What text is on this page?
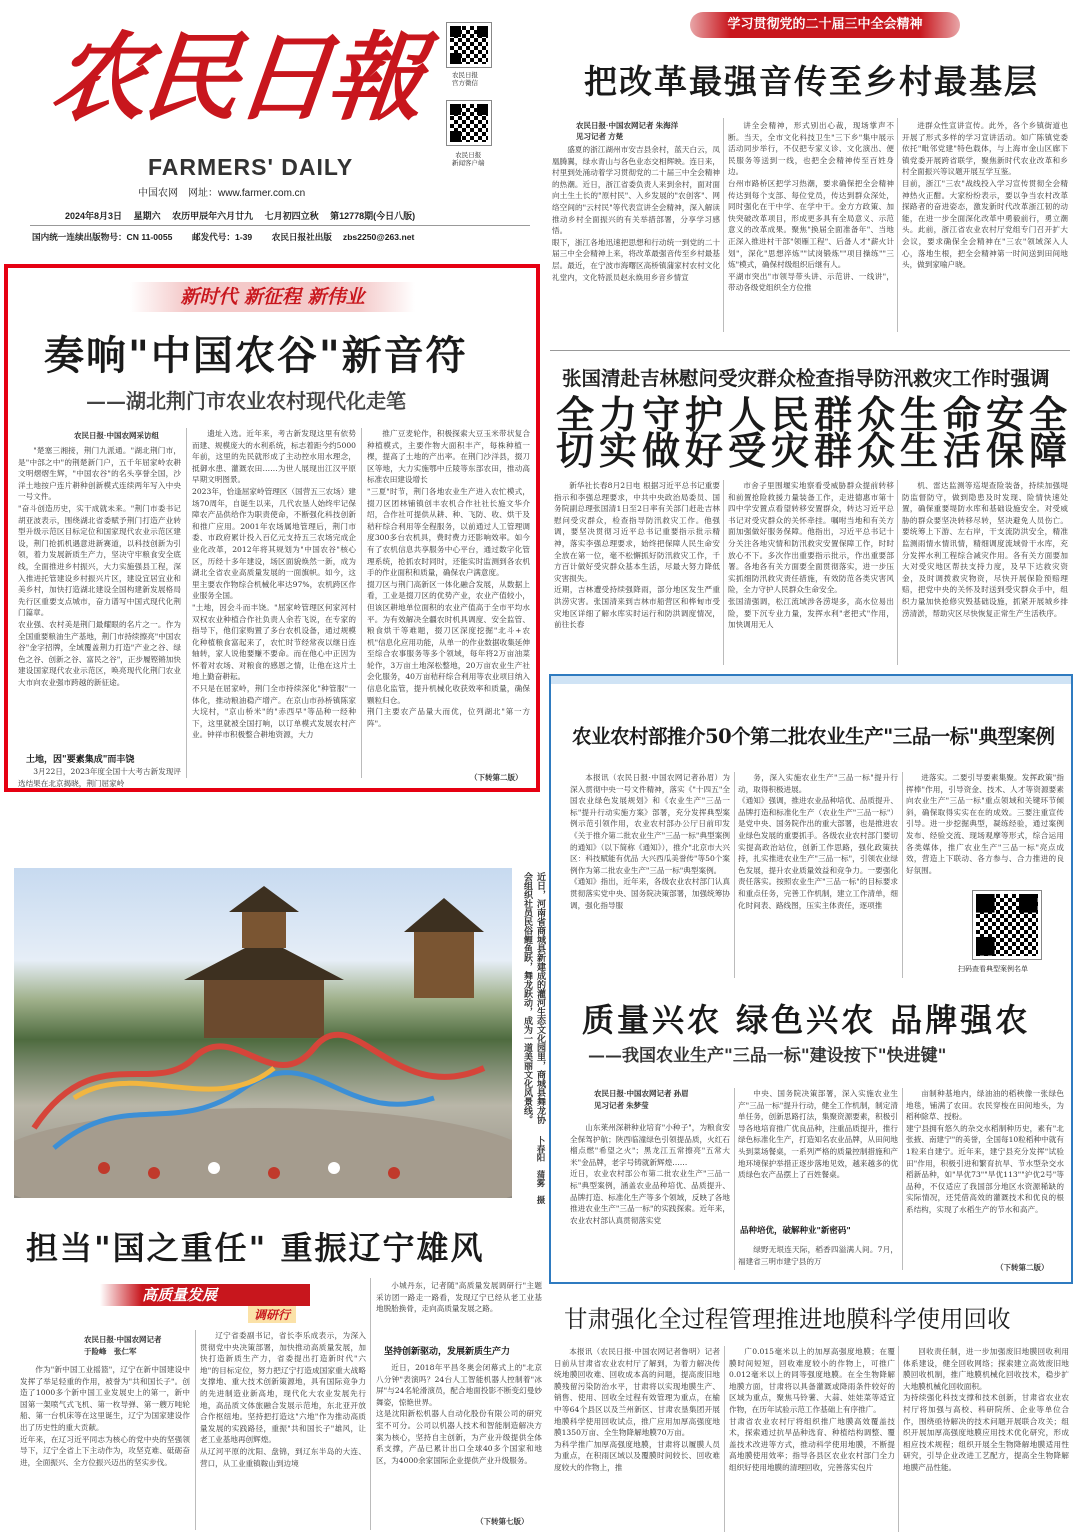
农民日報
FARMERS' DAILY
中国农网　网址：www.farmer.com.cn
2024年8月3日　 星期六　 农历甲辰年六月廿九　 七月初四立秋　 第12778期(今日八版)
国内统一连续出版物号：CN 11-0055　　 邮发代号：1-39　　 农民日报社出版　 zbs2250@263.net
农民日报
官方微信
农民日报
新闻客户端
学习贯彻党的二十届三中全会精神
把改革最强音传至乡村最基层
农民日报·中国农网记者 朱海洋
见习记者 方楚
盛夏的浙江湖州市安吉县余村，蓝天白云，凤凰腾翼，绿水青山与各色业态交相辉映。连日来，村里到处涌动着学习贯彻党的二十届三中全会精神的热潮。近日，浙江省委负责人来到余村，面对面向土生土长的"原村民"、入乡发展的"农创客"、网络空间的"云村民"等代表宣讲全会精神，深入解读推动乡村全面振兴的有关举措部署，分享学习感悟。
眼下，浙江各地迅速把思想和行动统一到党的二十届三中全会精神上来，将改革最强音传至乡村最基层。最近，在宁波市海曙区高桥镇蒲家村农村文化礼堂内，文化特派员赵永焕用乡音乡情宣
讲全会精神，形式别出心裁，现场掌声不断。当天，全市文化科技卫生"三下乡"集中展示活动同步举行，不仅把专家义诊、文化演出、便民服务等送到一线，也把全会精神传至百姓身边。
台州市路桥区把学习热潮，要求确保把全会精神传达到每个支部、每位党员，传达到群众深处，同时强化在干中学、在学中干。金方方政策、加快突破改革项目，形成更多具有全局意义、示范意义的改革成果。聚焦"换届全面准备年"、当地正深入推进村干部"领雁工程"、后备人才"薪火计划"，深化"思想淬炼""试岗锻炼""项目操练""三炼"模式，确保村级组织后继有人。
平湖市突出"市领导带头讲、示范讲、一线讲"，带动各级党组织全方位推
进群众性宣讲宣传。此外，各个乡镇街道也开展了形式多样的学习宣讲活动。如广陈镇党委依托"毗邻党建"特色载体，与上海市金山区廊下镇党委开展跨省联学，聚焦新时代农业改革和乡村全面振兴等议题开展互学互鉴。
目前，浙江"三农"战线投入学习宣传贯彻全会精神热火正酣。大家纷纷表示，要以争当农村改革探路者的奋进姿态，激发新时代改革浙江韧的动能，在进一步全面深化改革中勇毅前行，勇立潮头。此前，浙江省农业农村厅党组专门召开扩大会议，要求确保全会精神在"三农"领域深入人心，落地生根，把全会精神第一时间送到田间地头，做到家喻户晓。
新时代 新征程 新伟业
奏响"中国农谷"新音符
——湖北荆门市农业农村现代化走笔
农民日报·中国农网采访组
"楚塞三湘接，荆门九派通。"湖北荆门市，是"中部之中"的荆楚新门户，五千年屈家岭农耕文明熠熠生辉，"中国农谷"的名头享誉全国，沙洋土地按户连片耕种创新模式连续两年写入中央一号文件。
"奋斗创造历史，实干成就未来。"荆门市委书记胡亚波表示，围绕湖北省委赋予荆门打造产业转型升级示范区目标定位和国家现代农业示范区建设，荆门抢抓机遇意进新赛道，以科技创新为引领，着力发展新质生产力，坚决守牢粮食安全底线，全面推进乡村振兴，大力实施强县工程，深入推进托管建设乡村振兴片区，建设宜居宜业和美乡村，加快打造湖北建设全国构建新发展格局先行区重要支点城市，奋力谱写中国式现代化荆门篇章。
农业强、农村美是荆门最耀眼的名片之一。作为全国重要粮油生产基地，荆门市持续擦亮"中国农谷"金字招牌，全域覆盖荆力打造"产业之谷、绿色之谷、创新之谷、富民之谷"，正步履铿锵加快建设国家现代农业示范区，唤亮现代化荆门农业大市向农业强市跨越的新征途。
土地，因"要素集成"而丰饶
3月22日，2023年度全国十大考古新发现评选结果在北京揭晓，荆门屈家岭
遗址入选。近年来，考古新发现这里有依势而建、规模庞大的水利系统，标志着距今约5000年前，这里的先民就形成了主动控水用水理念，抵御水患、灌溉农田……为世人展现出江汉平原早期文明图景。
2023年，恰逢屈家岭管理区（国营五三农场）建场70周年，自诞生以来，几代农垦人始终牢记保障农产品供给作为职责使命，不断强化科技创新和推广应用。2001年农场属地管理后，荆门市委、市政府累计投入百亿元支持五三农场完成企业化改革，2012年将其规划为"中国农谷"核心区，历经十多年建设，场区面貌焕然一新，成为湖北全省农业高质量发展的一面旗帜。如今，这里主要农作物综合机械化率达97%，农机跨区作业服务全国。
"土地，因会斗而丰饶。"屈家岭管理区何家河村双权农业种植合作社负责人余若飞说，在专家的指导下，他们家购置了多台农机设备，通过规模化种植粮食富起来了，农忙时节经常夜以继日连轴转，家人说他要赚不要命。而在他心中正因为怀着对农场、对粮食的感恩之情，让他在这片土地上勤奋耕耘。
不只是在屈家岭，荆门全市持续深化"种管服"一体化，推动粮油稳产增产。在京山市孙桥镇陈家大垸村，"京山桥米"的"赤西早"等品种一经种下，这里就被全国打响，以订单模式发展农村产业。钟祥市积极整合耕地资源，大力
推广豆麦轮作，积极探索大豆玉米带状复合种植模式，主要作物大面积丰产，每株种植一棵，提高了土地的产出率。在荆门沙洋县，掇刀区等地，大力实施鄂中丘陵等东部农田，推动高标准农田建设增长
"三夏"时节，荆门各地农业生产进入农忙模式，掇刀区团林铺镇创丰农机合作社社长施文华介绍，合作社可提供从耕、种、飞防、收、烘干及秸秆综合利用等全程服务，以前通过人工管理调度300多台农机具，费时费力还影响效率。如今有了农机信息共享服务中心平台，通过数字化管理系统，抢抓农时同时，还能实时监测到各农机手的作业面积和质量，确保农户满意度。
掇刀区与荆门高新区一体化融合发展，从数据上看，工业是掇刀区的优势产业，农业产值较小，但该区耕地单位面积的农业产值高于全市平均水平。为有效解决全疆农时机具调度、安全监管、粮食烘干等难题，掇刀区深度挖掘"北斗+农机"信息化应用功能，从单一的作业数据收集延伸至综合农事服务等多个领域，每年将2万亩油菜轮作，3万亩土地深松整地，20万亩农业生产社会化服务，40万亩秸秆综合利用等农业项目纳入信息化监管，提升机械化收获效率和质量，确保颗粒归仓。
荆门主要农产品量大而优，位列湖北"第一方阵"。
（下转第二版）
张国清赴吉林慰问受灾群众检查指导防汛救灾工作时强调
全力守护人民群众生命安全
切实做好受灾群众生活保障
新华社长春8月2日电 根据习近平总书记重要指示和李强总理要求，中共中央政治局委员、国务院副总理张国清1日至2日率有关部门赶赴吉林慰问受灾群众，检查指导防汛救灾工作。他强调，要坚决贯彻习近平总书记重要指示批示精神，落实李强总理要求，始终把保障人民生命安全放在第一位，毫不松懈抓好防汛救灾工作，千方百计做好受灾群众基本生活，尽最大努力降低灾害损失。
近期，吉林遭受持续强降雨，部分地区发生严重洪涝灾害。张国清来到吉林市船营区和桦甸市受灾地区详细了解水库实时运行和防洪调度情况，前往长春
市舍子里围堰实地察看受威胁群众提前转移和前置抢险救援力量装备工作，走进德惠市第十四中学安置点看望转移安置群众，转达习近平总书记对受灾群众的关怀牵挂。嘱咐当地和有关方面加强做好服务保障。他指出，习近平总书记十分关注各地灾情和防汛救灾安置保障工作，时时放心不下。多次作出重要指示批示，作出重要部署。各地各有关方面要全面贯彻落实，进一步压实抓细防汛救灾责任措施，有效防范各类灾害风险，全力守护人民群众生命安全。
张国清强调，松江流域涉各涝堤多，高水位易出险，要下沉专业力量，发挥水利"老把式"作用，加快调用无人
机、雷达监测等巡堤查险装备，持续加强堤防监督防守，做到隐患及时发现、险情快速处置，确保重要堤防水库和基础设施安全。对受威胁的群众要坚决转移尽转，坚决避免人员伤亡。要统筹上下游、左右岸，干支流防洪安全，精准监测雨情水情讯情，精细调度流域骨干水库，充分发挥水利工程综合减灾作用。各有关方面要加大对受灾地区帮扶支持力度，及早下达救灾资金，及时调拨救灾物资，尽快开展保险预赔理赔，把党中央的关怀及时送到受灾群众手中，组织力量加快抢修灾毁基础设施，抓紧开展城乡排涝清淤，帮助灾区尽快恢复正常生产生活秩序。
农业农村部推介50个第二批农业生产"三品一标"典型案例
本报讯（农民日报·中国农网记者孙眉）为深入贯彻中央一号文件精神，落实《"十四五"全国农业绿色发展规划》和《农业生产"三品一标"提升行动实施方案》部署，充分发挥典型案例示范引领作用，农业农村部办公厅日前印发《关于推介第二批农业生产"三品一标"典型案例的通知》（以下简称《通知》），推介"北京市大兴区：科技赋能有优品 大兴西瓜美誉传"等50个案例作为第二批农业生产"三品一标"典型案例。
《通知》指出，近年来，各级农业农村部门认真贯彻落实党中央、国务院决策部署，加强统筹协调，强化指导服
务，深入实施农业生产"三品一标"提升行动，取得积极进展。
《通知》强调，推进农业品种培优、品质提升、品牌打造和标准化生产（农业生产"三品一标"）是党中央、国务院作出的重大部署，也是推进农业绿色发展的重要抓手。各级农业农村部门要切实提高政治站位，创新工作思路，强化政策扶持，扎实推进农业生产"三品一标"，引领农业绿色发展，提升农业质量效益和竞争力。一要强化责任落实。按照农业生产"三品一标"的目标要求和重点任务，完善工作机制，建立工作清单，细化时间表、路线图，压实主体责任，逐项推
进落实。二要引导要素集聚。发挥政策"指挥棒"作用，引导资金、技术、人才等资源要素向农业生产"三品一标"重点领域和关键环节倾斜，确保取得实实在在的成效。三要注重宣传引导。进一步挖掘典型，凝练经验，通过案例发布、经验交流、现场观摩等形式，综合运用各类媒体，推广农业生产"三品一标"亮点成效，营造上下联动、各方参与、合力推进的良好氛围。
扫码查看典型案例名单
质量兴农 绿色兴农 品牌强农
——我国农业生产"三品一标"建设按下"快进键"
农民日报·中国农网记者 孙眉
见习记者 朱梦莹
山东莱州深耕种业培育"小种子"，为粮食安全保驾护航；陕西临潼绿色引领提品质，火红石榴点燃"希望之火"；黑龙江五常擦亮"五常大米"金品牌，老字号铸就新辉煌……
近日，农业农村部公布第二批农业生产"三品一标"典型案例，涵盖农业品种培优、品质提升、品牌打造、标准化生产等多个领域，反映了各地推进农业生产"三品一标"的实践探索。近年来，农业农村部认真贯彻落实党
中央、国务院决策部署，深入实施农业生产"三品一标"提升行动，健全工作机制，制定清单任务，创新思路打法，集聚资源要素，积极引导各地培育推广优良品种，注重品质提升，推行绿色标准化生产，打造知名农业品牌，从田间地头到菜场餐桌，一系列严格的质量控制措施和产地环境保护举措正逐步落地见效，越来越多的优质绿色农产品摆上了百姓餐桌。
品种培优，破解种业"新密码"
绿野无垠连天际，稻香四溢满人间。7月，福建省三明市建宁县的万
亩制种基地内，绿油油的稻秧像一张绿色地毯，铺满了农田。农民穿梭在田间地头，为稻种除草、授粉。
建宁县拥有悠久的杂交水稻制种历史，素有"北张掖、南建宁"的美誉，全国每10粒稻种中就有1粒来自建宁。近年来，建宁县充分发挥"试验田"作用，积极引进和繁育抗旱、节水型杂交水稻新品种，如"旱优73""旱优113""沪优2号"等品种，不仅适应了我国部分地区水资源稀缺的实际情况，还凭借高效的灌溉技术和优良的根系结构，实现了水稻生产的节水和高产。
（下转第二版）
近日，河南省商城县新建成的灌河生态文化园里，商城县舞龙协会组织社员民俗鲤鱼跃，舞龙跃动，成为一道美丽文化风景线。
卜春阳　蒲雾　摄
担当"国之重任" 重振辽宁雄风
高质量发展
调研行
农民日报·中国农网记者
于险峰　张仁军
作为"新中国工业摇篮"，辽宁在新中国建设中发挥了举足轻重的作用，被誉为"共和国长子"。创造了1000多个新中国工业发展史上的第一，新中国第一架喷气式飞机、第一枚导弹、第一艘万吨轮船、第一台机床等在这里诞生，辽宁为国家建设作出了历史性的重大贡献。
近年来，在辽习近平同志为核心的党中央的坚强领导下，辽宁全省上下主动作为，攻坚克难、砥砺奋进，全面振兴、全方位振兴迈出的坚实步伐。
辽宁省委副书记，省长李乐成表示，为深入贯彻党中央决策部署，加快推动高质量发展，加快打造新质生产力，省委提出打造新时代"六地"的目标定位，努力把辽宁打造成国家重大战略支撑地、重大技术创新策源地，具有国际竞争力的先进制造业新高地，现代化大农业发展先行地，高品质文体旅融合发展示范地，东北亚开放合作枢纽地。坚持把打造这"六地"作为推动高质量发展的实践路径，重振"共和国长子"雄风，让老工业基地再创辉煌。
从辽河平原的沈阳、盘锦，到辽东半岛的大连、营口，从工业重镇鞍山到边境
小城丹东，记者随"高质量发展调研行"主题采访团一路走一路看，发现辽宁已经从老工业基地脱胎换骨，走向高质量发展之路。
坚持创新驱动，发展新质生产力
近日，2018年平昌冬奥会闭幕式上的"北京八分钟"表演吗？24台人工智能机器人控制着"冰屏"与24名轮滑演员，配合地面投影不断变幻曼妙舞姿，惊艳世界。
这是沈阳新松机器人自动化股份有限公司的研究室不可分。公司以机器人技术和智能制造解决方案为核心，坚持自主创新，为产业升级提供全体系支撑，产品已累计出口全球40多个国家和地区，为4000余家国际企业提供产业升级服务。
（下转第七版）
甘肃强化全过程管理推进地膜科学使用回收
本报讯（农民日报·中国农网记者鲁明）记者日前从甘肃省农业农村厅了解到，为着力解决传统地膜回收难、回收成本高的问题，提高废旧地膜残留污染防治水平，甘肃将以实现地膜生产、销售、使用、回收全过程有效管理为重点，在榆中等64个县区以及兰州新区、甘肃农垦集团开展地膜科学使用回收试点，推广应用加厚高强度地膜1350万亩、全生物降解地膜70万亩。
为科学推广加厚高强度地膜，甘肃将以履膜人员为重点，在积雨区域以及覆膜时间较长、回收难度较大的作物上，推
广0.015毫米以上的加厚高强度地膜；在覆膜时间短短，回收难度较小的作物上，可推广0.012毫米以上的同等强度地膜。在全生物降解地膜方面，甘肃将以具备灌溉或降雨条件较好的区域为重点，聚焦马铃薯、大蒜、娃娃菜等适宜作物，在历年试验示范工作基础上有序推广。
甘肃省农业农村厅将组织推广地膜高效覆盖技术，探索通过抗旱品种选育、种植结构调整、覆盖技术改进等方式，推动科学使用地膜，不断提高地膜使用效率；指导各县区农业农村部门全力组织好使用地膜的清理回收，完善落实包片
回收责任制，进一步加强废旧地膜回收利用体系建设，健全回收网络；探索建立高效废旧地膜回收机制，推广地膜机械化回收技术，稳步扩大地膜机械化回收面积。
为持续强化科技支撑和技术创新，甘肃省农业农村厅将加强与高校、科研院所、企业等单位合作，围绕亟待解决的技术问题开展联合攻关；组织开展加厚高强度地膜应用技术优化研究，形成相应技术规程；组织开展全生物降解地膜适用性研究，引导企业改进工艺配方，提高全生物降解地膜产品性能。
